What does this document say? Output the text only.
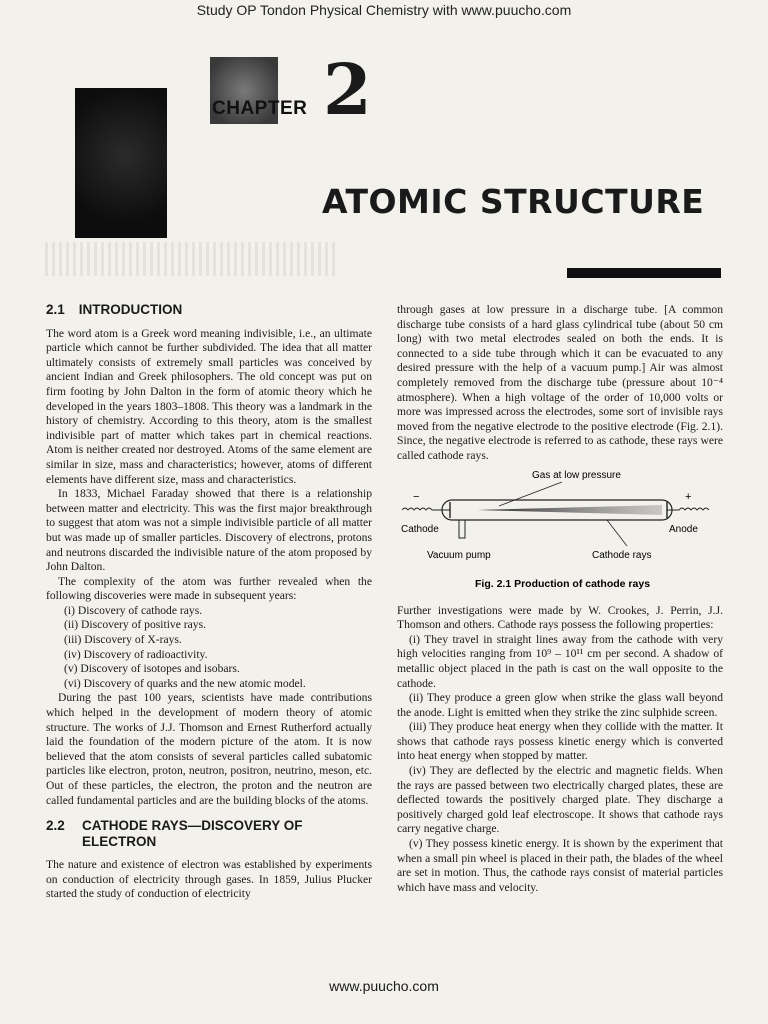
Study OP Tondon Physical Chemistry with www.puucho.com
CHAPTER 2
ATOMIC STRUCTURE
2.1 INTRODUCTION

The word atom is a Greek word meaning indivisible, i.e., an ultimate particle which cannot be further subdivided. The idea that all matter ultimately consists of extremely small particles was conceived by ancient Indian and Greek philosophers. The old concept was put on firm footing by John Dalton in the form of atomic theory which he developed in the years 1803–1808. This theory was a landmark in the history of chemistry. According to this theory, atom is the smallest indivisible part of matter which takes part in chemical reactions. Atom is neither created nor destroyed. Atoms of the same element are similar in size, mass and characteristics; however, atoms of different elements have different size, mass and characteristics.

In 1833, Michael Faraday showed that there is a relationship between matter and electricity. This was the first major breakthrough to suggest that atom was not a simple indivisible particle of all matter but was made up of smaller particles. Discovery of electrons, protons and neutrons discarded the indivisible nature of the atom proposed by John Dalton.

The complexity of the atom was further revealed when the following discoveries were made in subsequent years:

(i) Discovery of cathode rays.
(ii) Discovery of positive rays.
(iii) Discovery of X-rays.
(iv) Discovery of radioactivity.
(v) Discovery of isotopes and isobars.
(vi) Discovery of quarks and the new atomic model.

During the past 100 years, scientists have made contributions which helped in the development of modern theory of atomic structure. The works of J.J. Thomson and Ernest Rutherford actually laid the foundation of the modern picture of the atom. It is now believed that the atom consists of several particles called subatomic particles like electron, proton, neutron, positron, neutrino, meson, etc. Out of these particles, the electron, the proton and the neutron are called fundamental particles and are the building blocks of the atoms.

2.2 CATHODE RAYS—DISCOVERY OF
ELECTRON

The nature and existence of electron was established by experiments on conduction of electricity through gases. In 1859, Julius Plucker started the study of conduction of electricity

through gases at low pressure in a discharge tube. [A common discharge tube consists of a hard glass cylindrical tube (about 50 cm long) with two metal electrodes sealed on both the ends. It is connected to a side tube through which it can be evacuated to any desired pressure with the help of a vacuum pump.] Air was almost completely removed from the discharge tube (pressure about 10⁻⁴ atmosphere). When a high voltage of the order of 10,000 volts or more was impressed across the electrodes, some sort of invisible rays moved from the negative electrode to the positive electrode (Fig. 2.1). Since, the negative electrode is referred to as cathode, these rays were called cathode rays.

Gas at low pressure
−	+
Cathode	Anode
Vacuum pump	Cathode rays
Fig. 2.1 Production of cathode rays

Further investigations were made by W. Crookes, J. Perrin, J.J. Thomson and others. Cathode rays possess the following properties:

(i) They travel in straight lines away from the cathode with very high velocities ranging from 10⁹ – 10¹¹ cm per second. A shadow of metallic object placed in the path is cast on the wall opposite to the cathode.

(ii) They produce a green glow when strike the glass wall beyond the anode. Light is emitted when they strike the zinc sulphide screen.

(iii) They produce heat energy when they collide with the matter. It shows that cathode rays possess kinetic energy which is converted into heat energy when stopped by matter.

(iv) They are deflected by the electric and magnetic fields. When the rays are passed between two electrically charged plates, these are deflected towards the positively charged plate. They discharge a positively charged gold leaf electroscope. It shows that cathode rays carry negative charge.

(v) They possess kinetic energy. It is shown by the experiment that when a small pin wheel is placed in their path, the blades of the wheel are set in motion. Thus, the cathode rays consist of material particles which have mass and velocity.

www.puucho.com
